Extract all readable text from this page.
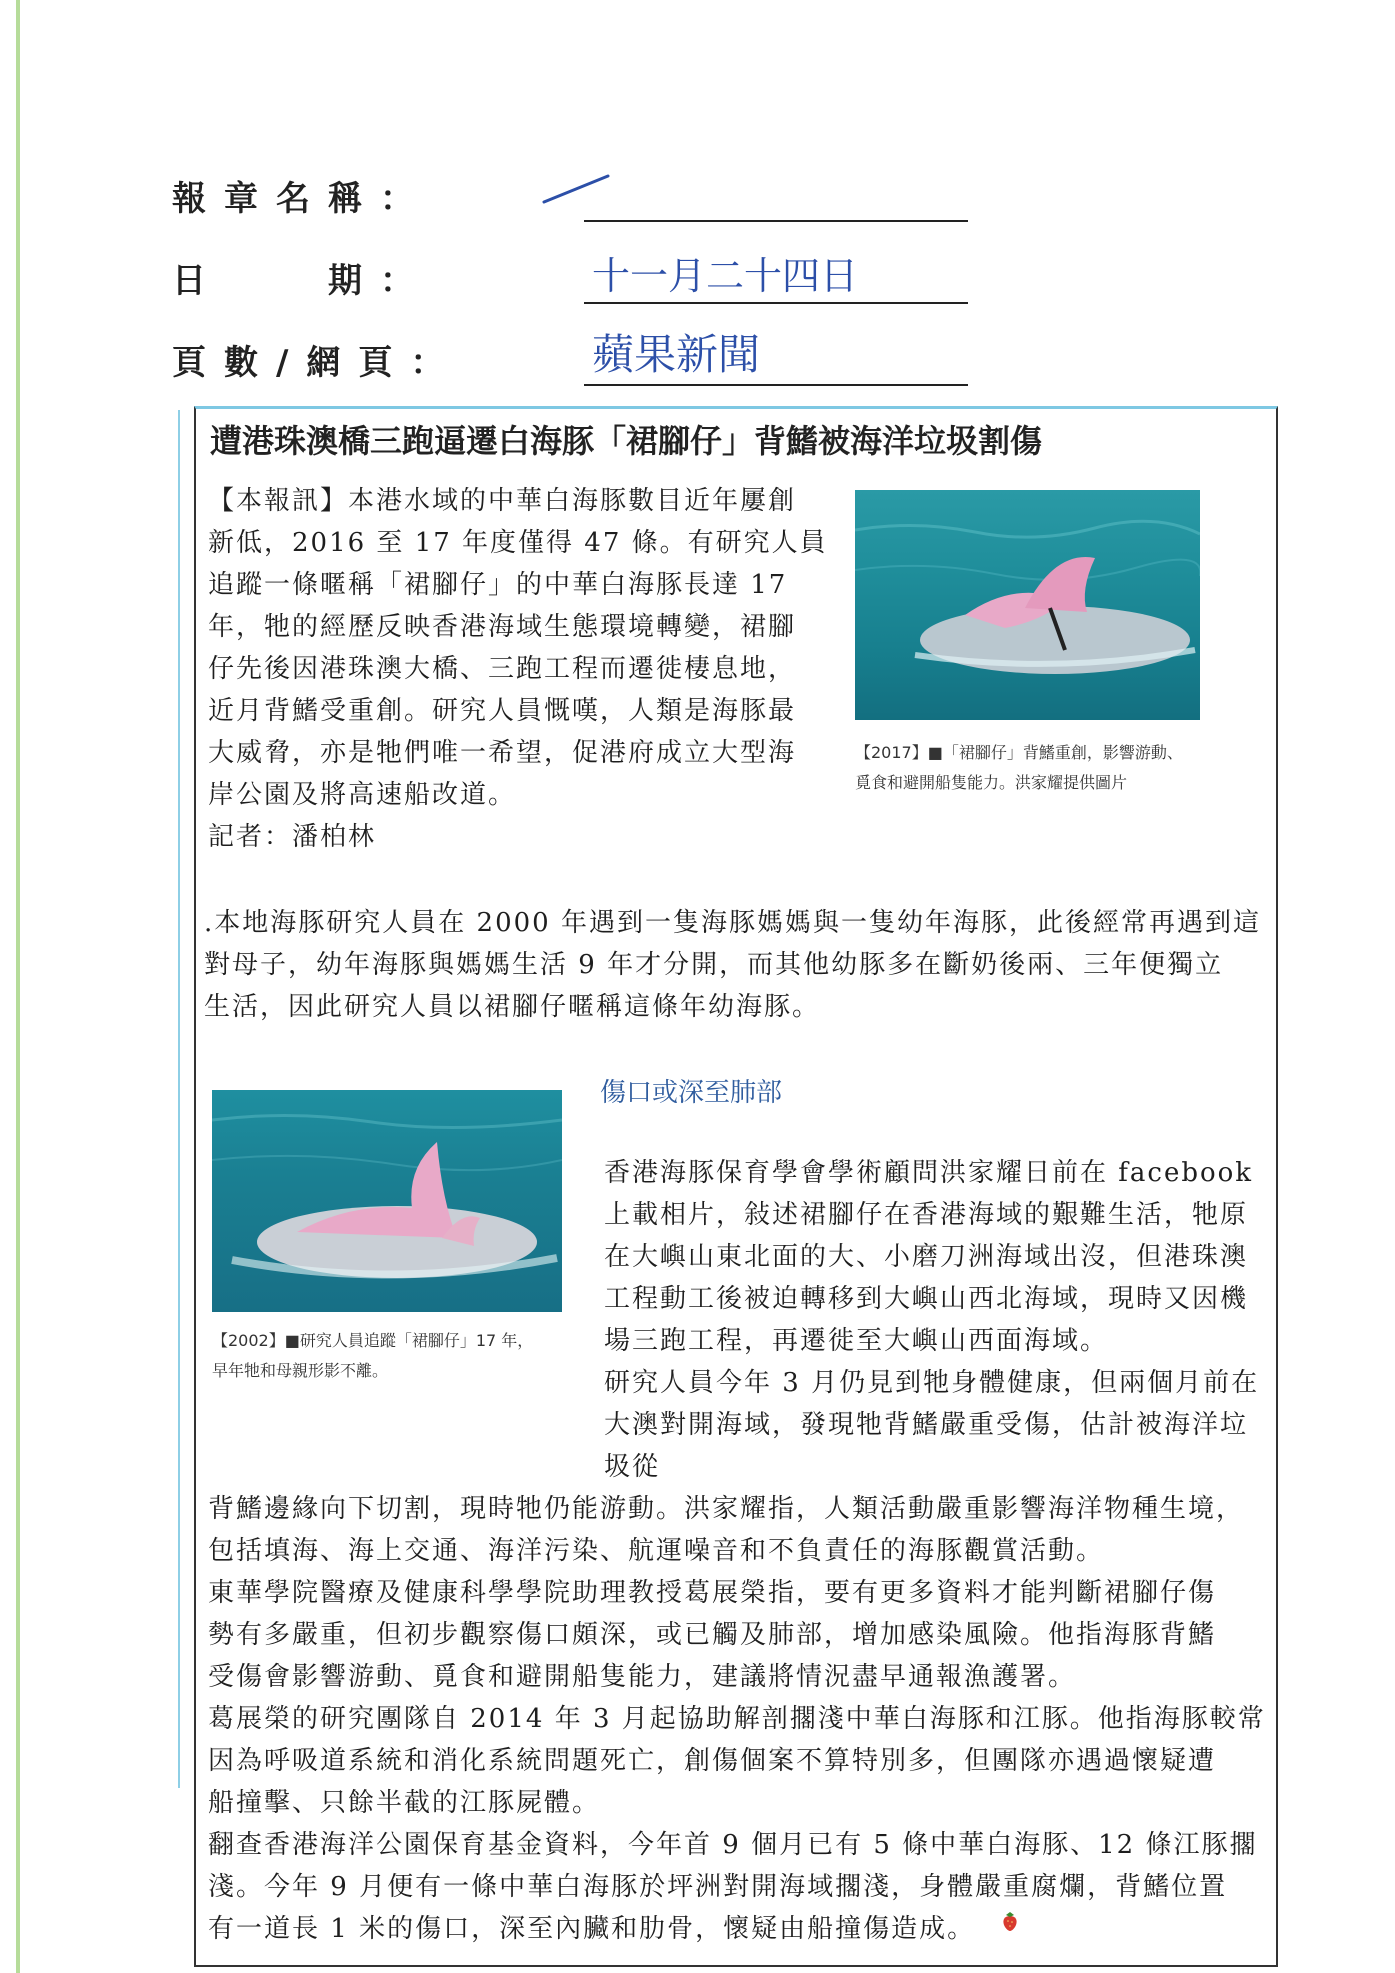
報章名稱：
日　　期：	十一月二十四日
頁數/網頁：	蘋果新聞
遭港珠澳橋三跑逼遷白海豚「裙腳仔」背鰭被海洋垃圾割傷

【本報訊】本港水域的中華白海豚數目近年屢創

新低，2016 至 17 年度僅得 47 條。有研究人員

追蹤一條暱稱「裙腳仔」的中華白海豚長達 17

年，牠的經歷反映香港海域生態環境轉變，裙腳

仔先後因港珠澳大橋、三跑工程而遷徙棲息地，

近月背鰭受重創。研究人員慨嘆，人類是海豚最

大威脅，亦是牠們唯一希望，促港府成立大型海

岸公園及將高速船改道。

記者：潘柏林

【2017】■「裙腳仔」背鰭重創，影響游動、
覓食和避開船隻能力。洪家耀提供圖片

.本地海豚研究人員在 2000 年遇到一隻海豚媽媽與一隻幼年海豚，此後經常再遇到這

對母子，幼年海豚與媽媽生活 9 年才分開，而其他幼豚多在斷奶後兩、三年便獨立

生活，因此研究人員以裙腳仔暱稱這條年幼海豚。

【2002】■研究人員追蹤「裙腳仔」17 年，
早年牠和母親形影不離。
傷口或深至肺部

香港海豚保育學會學術顧問洪家耀日前在 facebook

上載相片，敍述裙腳仔在香港海域的艱難生活，牠原

在大嶼山東北面的大、小磨刀洲海域出沒，但港珠澳

工程動工後被迫轉移到大嶼山西北海域，現時又因機

場三跑工程，再遷徙至大嶼山西面海域。

研究人員今年 3 月仍見到牠身體健康，但兩個月前在

大澳對開海域，發現牠背鰭嚴重受傷，估計被海洋垃

圾從

背鰭邊緣向下切割，現時牠仍能游動。洪家耀指，人類活動嚴重影響海洋物種生境，

包括填海、海上交通、海洋污染、航運噪音和不負責任的海豚觀賞活動。

東華學院醫療及健康科學學院助理教授葛展榮指，要有更多資料才能判斷裙腳仔傷

勢有多嚴重，但初步觀察傷口頗深，或已觸及肺部，增加感染風險。他指海豚背鰭

受傷會影響游動、覓食和避開船隻能力，建議將情況盡早通報漁護署。

葛展榮的研究團隊自 2014 年 3 月起協助解剖擱淺中華白海豚和江豚。他指海豚較常

因為呼吸道系統和消化系統問題死亡，創傷個案不算特別多，但團隊亦遇過懷疑遭

船撞擊、只餘半截的江豚屍體。

翻查香港海洋公園保育基金資料，今年首 9 個月已有 5 條中華白海豚、12 條江豚擱

淺。今年 9 月便有一條中華白海豚於坪洲對開海域擱淺，身體嚴重腐爛，背鰭位置

有一道長 1 米的傷口，深至內臟和肋骨，懷疑由船撞傷造成。
